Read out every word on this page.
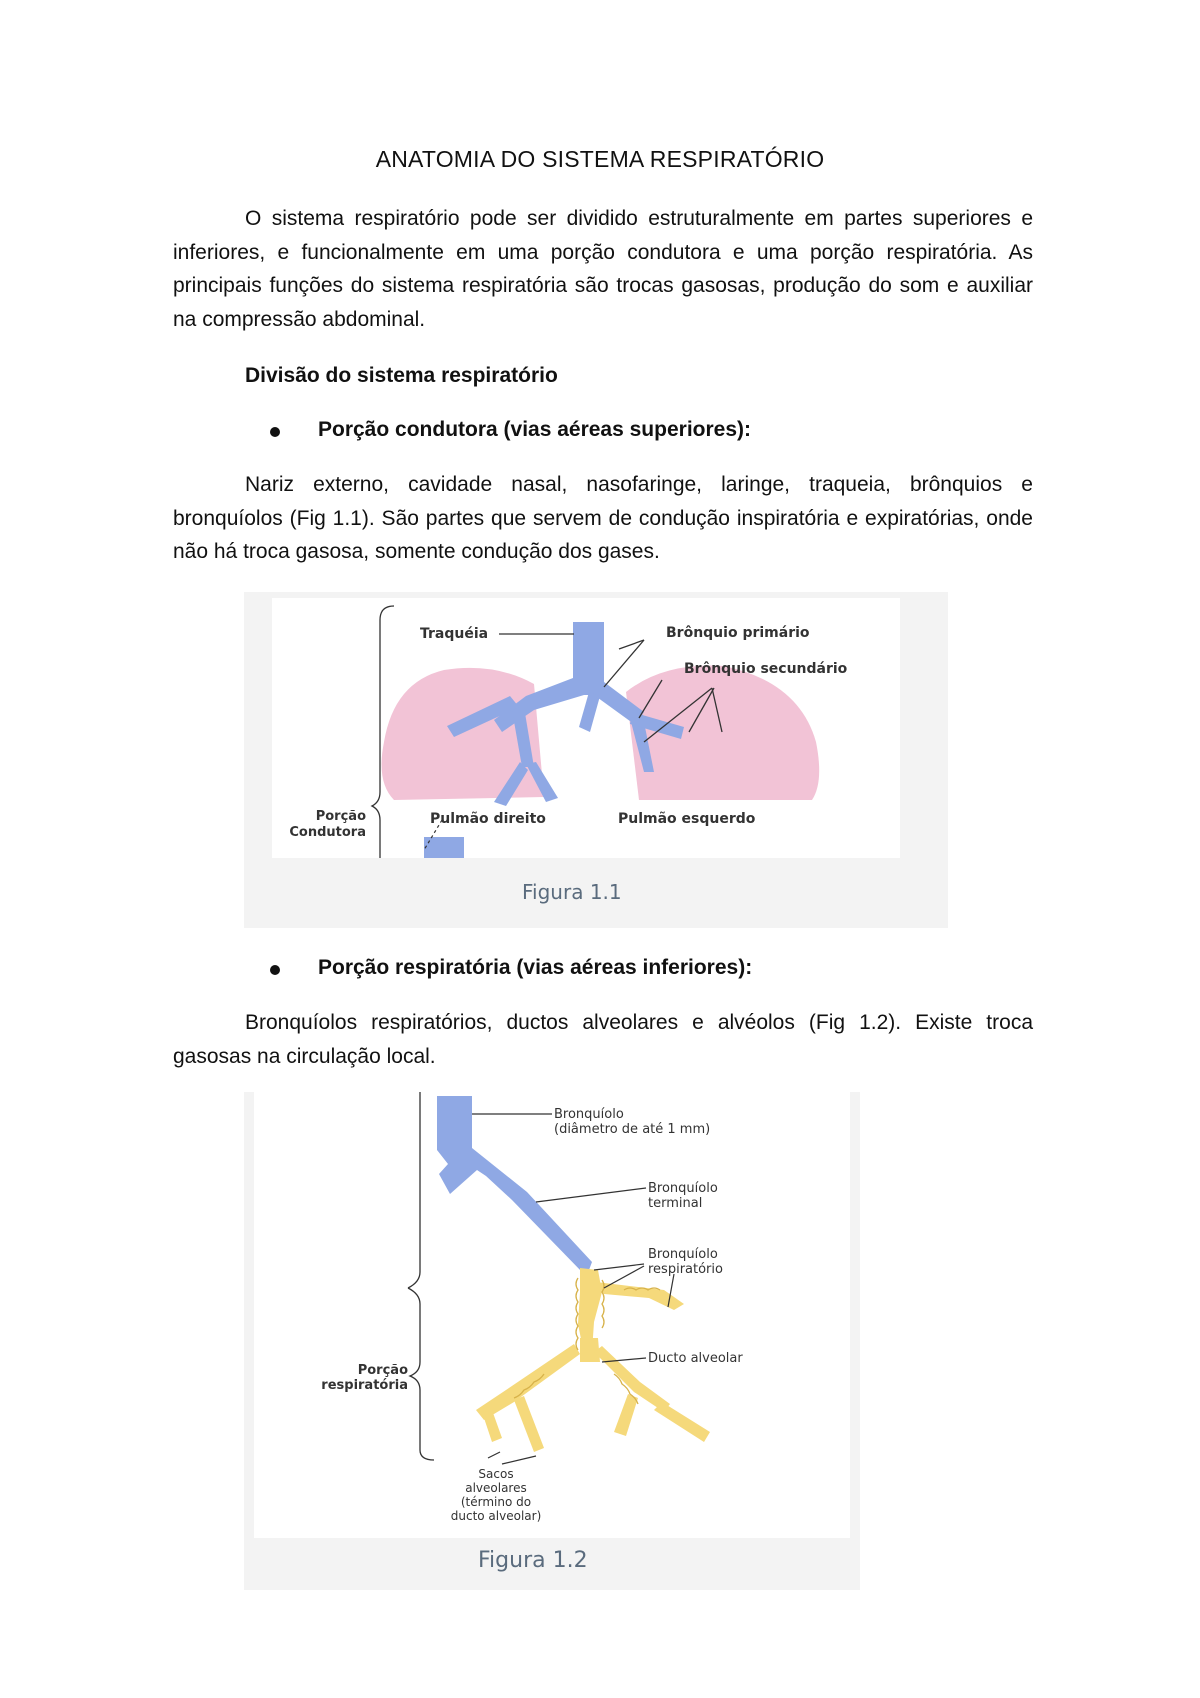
ANATOMIA DO SISTEMA RESPIRATÓRIO
O sistema respiratório pode ser dividido estruturalmente em partes superiores e inferiores, e funcionalmente em uma porção condutora e uma porção respiratória. As principais funções do sistema respiratória são trocas gasosas, produção do som e auxiliar na compressão abdominal.
Divisão do sistema respiratório
Porção condutora (vias aéreas superiores):
Nariz externo, cavidade nasal, nasofaringe, laringe, traqueia, brônquios e bronquíolos (Fig 1.1). São partes que servem de condução inspiratória e expiratórias, onde não há troca gasosa, somente condução dos gases.
Traquéia	Brônquio primário
Brônquio secundário
Pulmão direito	Pulmão esquerdo
Porção
Condutora
Figura 1.1
Porção respiratória (vias aéreas inferiores):
Bronquíolos respiratórios, ductos alveolares e alvéolos (Fig 1.2). Existe troca gasosas na circulação local.
Bronquíolo
(diâmetro de até 1 mm)
Bronquíolo
terminal
Bronquíolo
respiratório
Ducto alveolar
Porção
respiratória
Sacos
alveolares
(término do
ducto alveolar)
Figura 1.2
